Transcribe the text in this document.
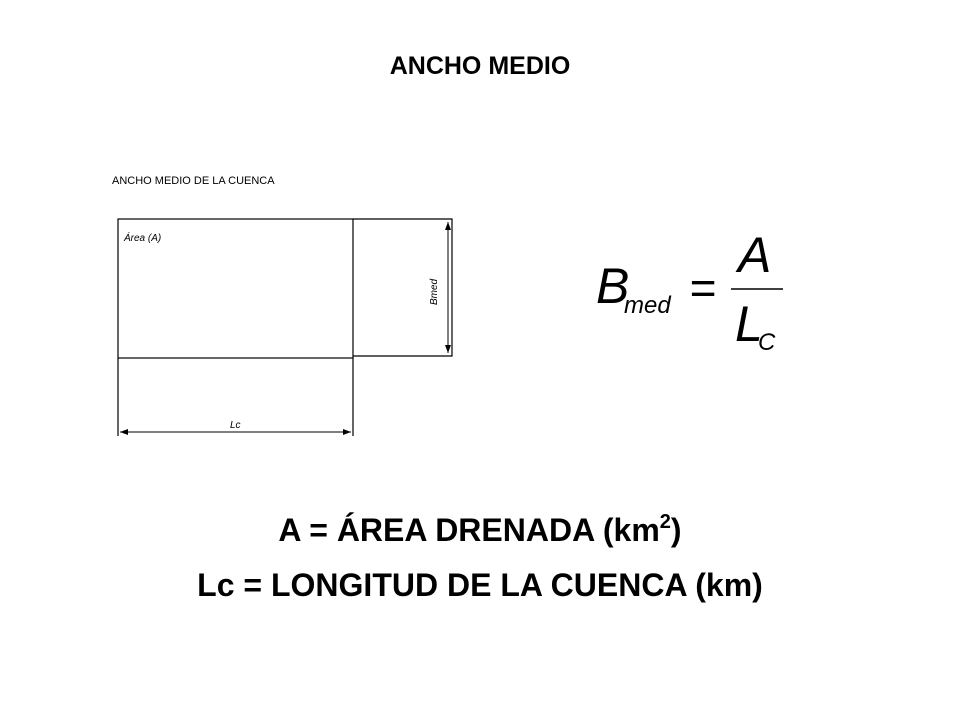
ANCHO MEDIO
ANCHO MEDIO DE LA CUENCA
Área (A)
Bmed
Lc
B
med =
A
L
C
A = ÁREA DRENADA $(km^2)$
Lc = LONGITUD DE LA CUENCA (km)
